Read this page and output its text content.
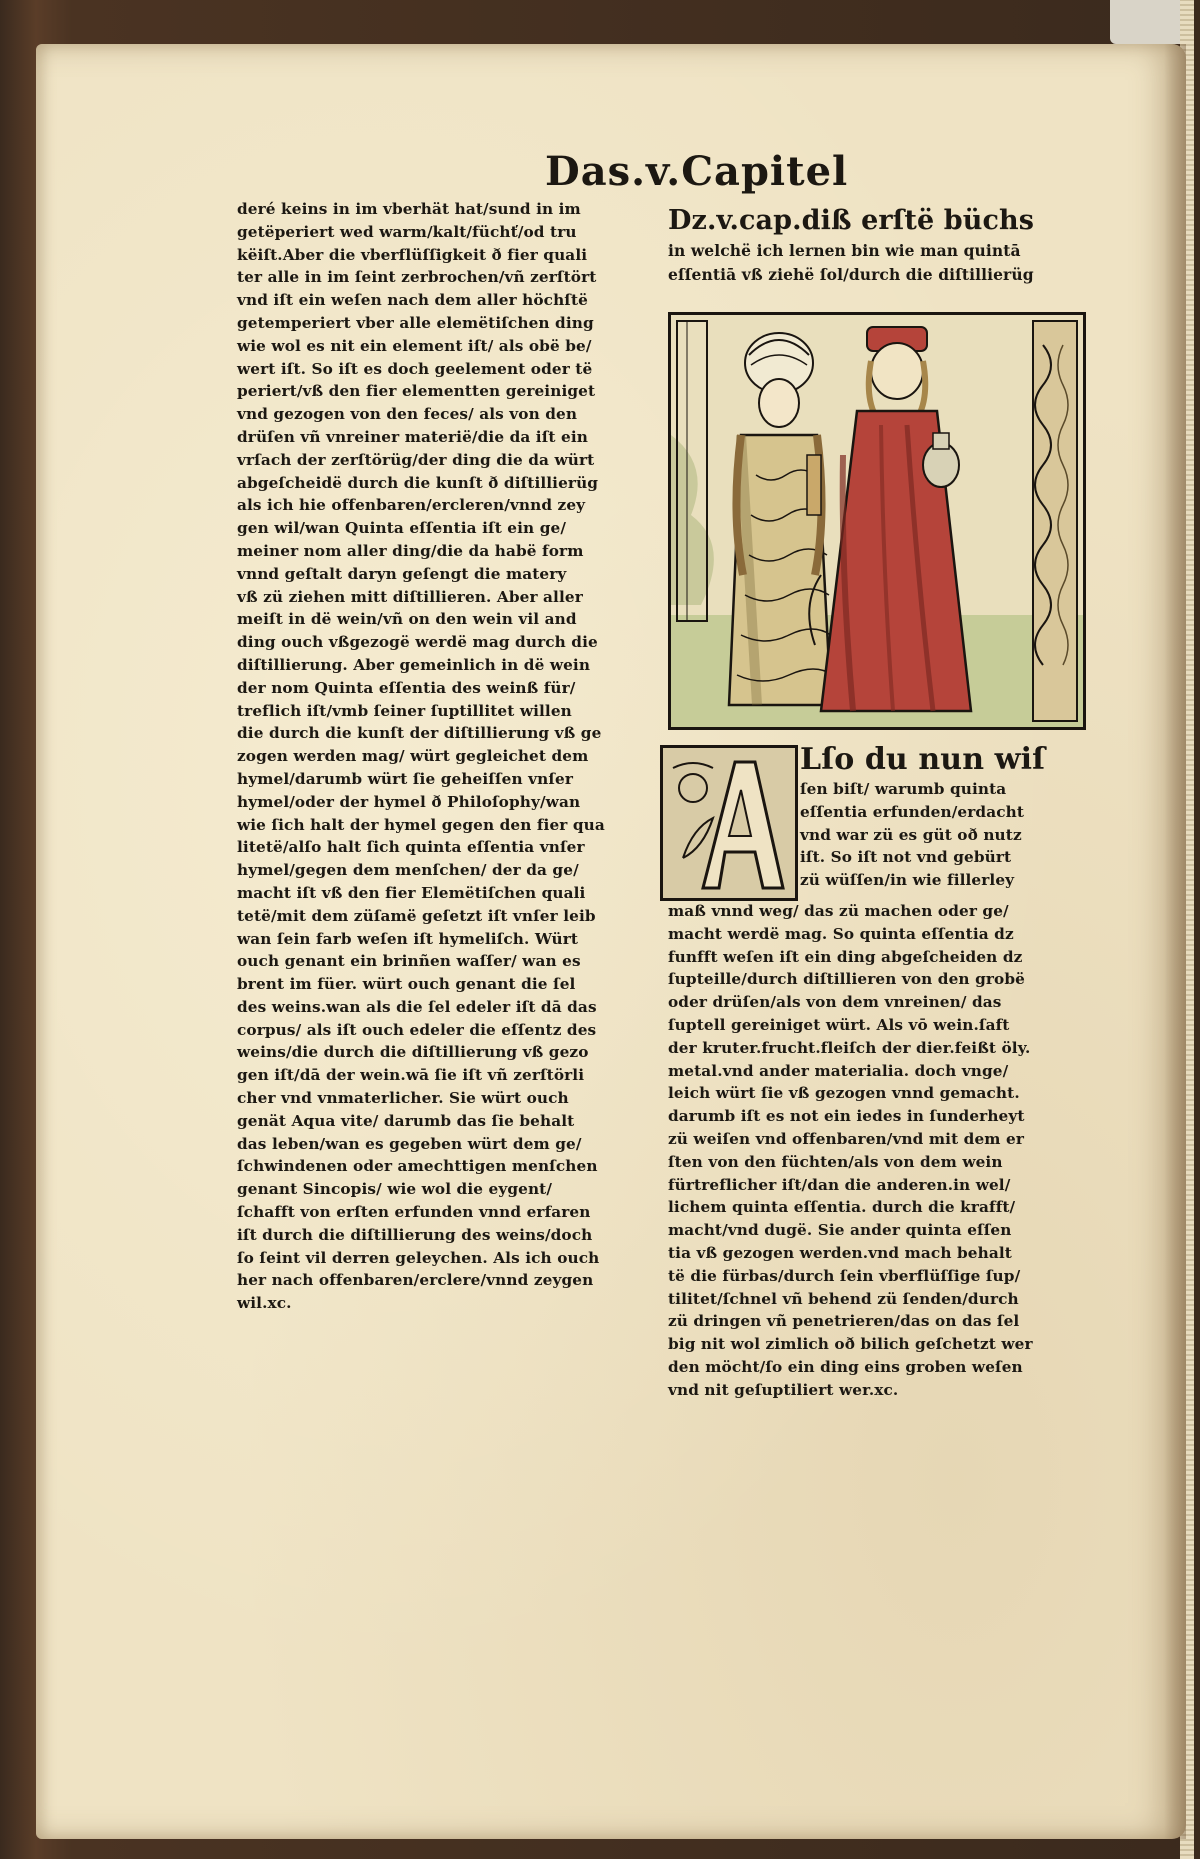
Das.v.Capitel
deré keins in im vberhät hat/sund in im
getëperiert wed warm/kalt/füchť/od tru
këiſt.Aber die vberflüſſigkeit ð fier quali
ter alle in im ſeint zerbrochen/vñ zerſtört
vnd iſt ein weſen nach dem aller höchſtë
getemperiert vber alle elemëtiſchen ding
wie wol es nit ein element iſt/ als obë be/
wert iſt. So iſt es doch geelement oder të
periert/vß den fier elementten gereiniget
vnd gezogen von den feces/ als von den
drüſen vñ vnreiner materië/die da iſt ein
vrſach der zerſtörüg/der ding die da würt
abgeſcheidë durch die kunſt ð diſtillierüg
als ich hie offenbaren/ercleren/vnnd zey
gen wil/wan Quinta eſſentia iſt ein ge/
meiner nom aller ding/die da habë form
vnnd geſtalt daryn geſengt die matery
vß zü ziehen mitt diſtillieren. Aber aller
meiſt in dë wein/vñ on den wein vil and
ding ouch vßgezogë werdë mag durch die
diſtillierung. Aber gemeinlich in dë wein
der nom Quinta eſſentia des weinß für/
treflich iſt/vmb ſeiner ſuptillitet willen
die durch die kunſt der diſtillierung vß ge
zogen werden mag/ würt gegleichet dem
hymel/darumb würt ſie geheiſſen vnſer
hymel/oder der hymel ð Philoſophy/wan
wie ſich halt der hymel gegen den fier qua
litetë/alſo halt ſich quinta eſſentia vnſer
hymel/gegen dem menſchen/ der da ge/
macht iſt vß den fier Elemëtiſchen quali
tetë/mit dem züſamë geſetzt iſt vnſer leib
wan ſein farb weſen iſt hymeliſch. Würt
ouch genant ein brinñen waſſer/ wan es
brent im füer. würt ouch genant die ſel
des weins.wan als die ſel edeler iſt dā das
corpus/ als iſt ouch edeler die eſſentz des
weins/die durch die diſtillierung vß gezo
gen iſt/dā der wein.wā ſie iſt vñ zerſtörli
cher vnd vnmaterlicher. Sie würt ouch
genät Aqua vite/ darumb das ſie behalt
das leben/wan es gegeben würt dem ge/
ſchwindenen oder amechttigen menſchen
genant Sincopis/ wie wol die eygent/
ſchafft von erſten erfunden vnnd erfaren
iſt durch die diſtillierung des weins/doch
ſo ſeint vil derren geleychen. Als ich ouch
her nach offenbaren/erclere/vnnd zeygen
wil.xc.
Dz.v.cap.diß erſtë büchs
in welchë ich lernen bin wie man quintā
eſſentiā vß ziehë ſol/durch die diſtillierüg
Lſo du nun wiſ
ſen biſt/ warumb quinta
eſſentia erfunden/erdacht
vnd war zü es güt oð nutz
iſt. So iſt not vnd gebürt
zü wüſſen/in wie fillerley
maß vnnd weg/ das zü machen oder ge/
macht werdë mag. So quinta eſſentia dz
funfft weſen iſt ein ding abgeſcheiden dz
ſupteille/durch diſtillieren von den grobë
oder drüſen/als von dem vnreinen/ das
ſuptell gereiniget würt. Als vō wein.ſaft
der kruter.frucht.fleiſch der dier.feißt öly.
metal.vnd ander materialia. doch vnge/
leich würt ſie vß gezogen vnnd gemacht.
darumb iſt es not ein iedes in ſunderheyt
zü weiſen vnd offenbaren/vnd mit dem er
ſten von den füchten/als von dem wein
fürtreflicher iſt/dan die anderen.in wel/
lichem quinta eſſentia. durch die krafft/
macht/vnd dugë. Sie ander quinta eſſen
tia vß gezogen werden.vnd mach behalt
të die fürbas/durch ſein vberflüſſige ſup/
tilitet/ſchnel vñ behend zü ſenden/durch
zü dringen vñ penetrieren/das on das ſel
big nit wol zimlich oð bilich geſchetzt wer
den möcht/ſo ein ding eins groben weſen
vnd nit geſuptiliert wer.xc.
